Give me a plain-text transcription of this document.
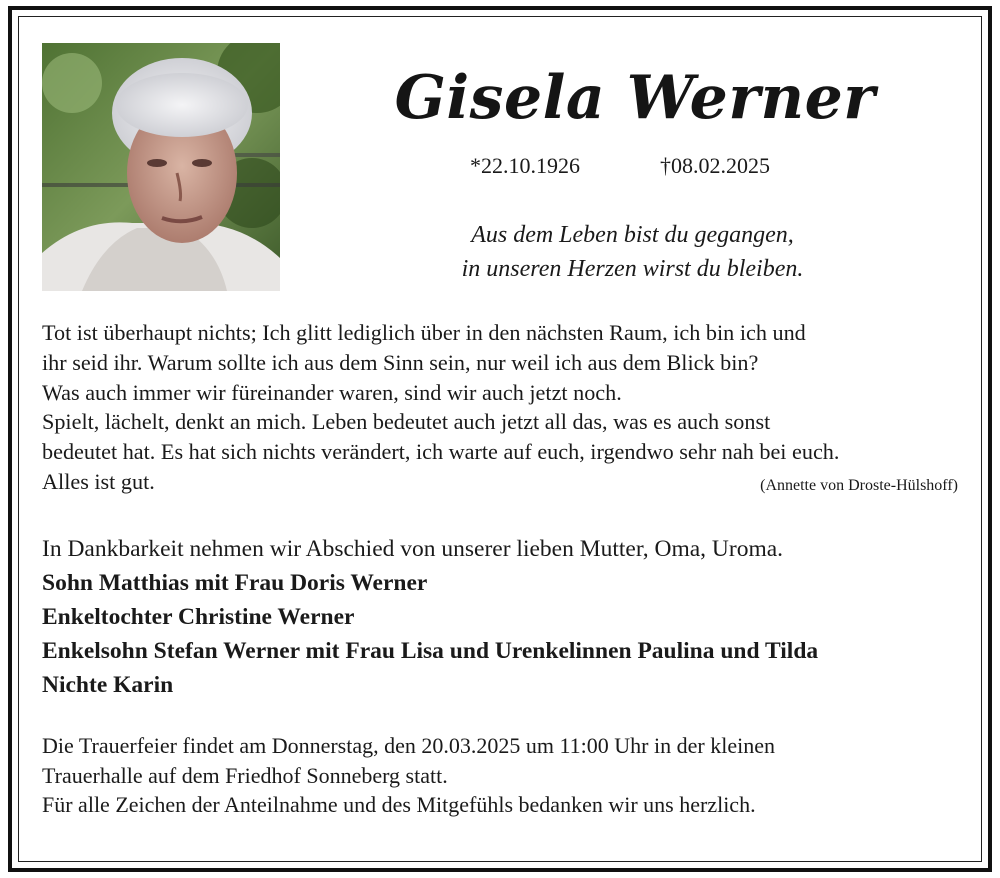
Gisela Werner
*22.10.1926	†08.02.2025
Aus dem Leben bist du gegangen,
in unseren Herzen wirst du bleiben.
Tot ist überhaupt nichts; Ich glitt lediglich über in den nächsten Raum, ich bin ich und
ihr seid ihr. Warum sollte ich aus dem Sinn sein, nur weil ich aus dem Blick bin?
Was auch immer wir füreinander waren, sind wir auch jetzt noch.
Spielt, lächelt, denkt an mich. Leben bedeutet auch jetzt all das, was es auch sonst
bedeutet hat. Es hat sich nichts verändert, ich warte auf euch, irgendwo sehr nah bei euch.
Alles ist gut.	(Annette von Droste-Hülshoff)
In Dankbarkeit nehmen wir Abschied von unserer lieben Mutter, Oma, Uroma.
Sohn Matthias mit Frau Doris Werner
Enkeltochter Christine Werner
Enkelsohn Stefan Werner mit Frau Lisa und Urenkelinnen Paulina und Tilda
Nichte Karin
Die Trauerfeier findet am Donnerstag, den 20.03.2025 um 11:00 Uhr in der kleinen
Trauerhalle auf dem Friedhof Sonneberg statt.
Für alle Zeichen der Anteilnahme und des Mitgefühls bedanken wir uns herzlich.
